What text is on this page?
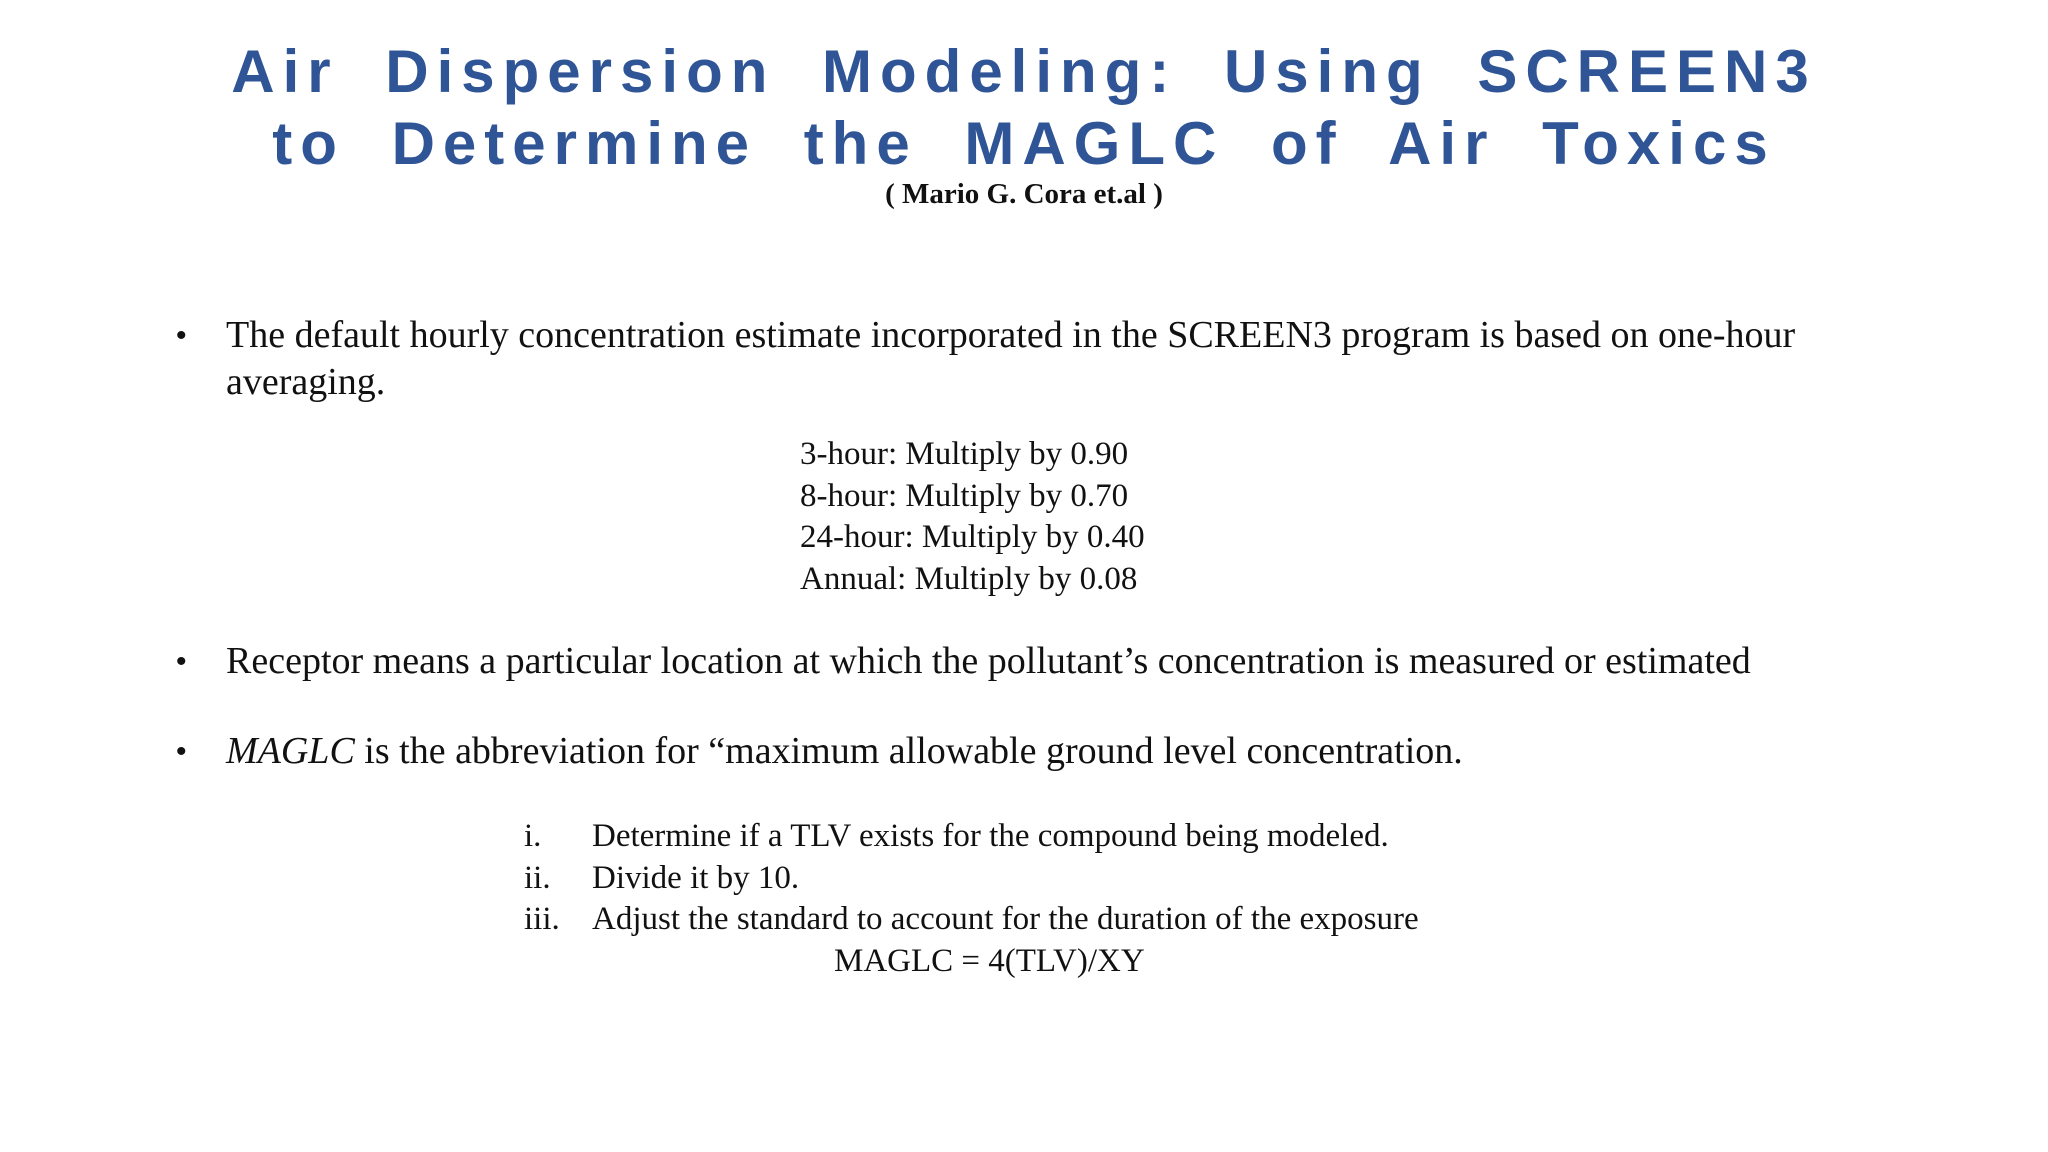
Air Dispersion Modeling: Using SCREEN3
to Determine the MAGLC of Air Toxics
( Mario G. Cora et.al )
• The default hourly concentration estimate incorporated in the SCREEN3 program is based on one-hour averaging.
3-hour: Multiply by 0.90
8-hour: Multiply by 0.70
24-hour: Multiply by 0.40
Annual: Multiply by 0.08
• Receptor means a particular location at which the pollutant’s concentration is measured or estimated
• MAGLC is the abbreviation for “maximum allowable ground level concentration.
i. Determine if a TLV exists for the compound being modeled.
ii. Divide it by 10.
iii. Adjust the standard to account for the duration of the exposure
MAGLC = 4(TLV)/XY
